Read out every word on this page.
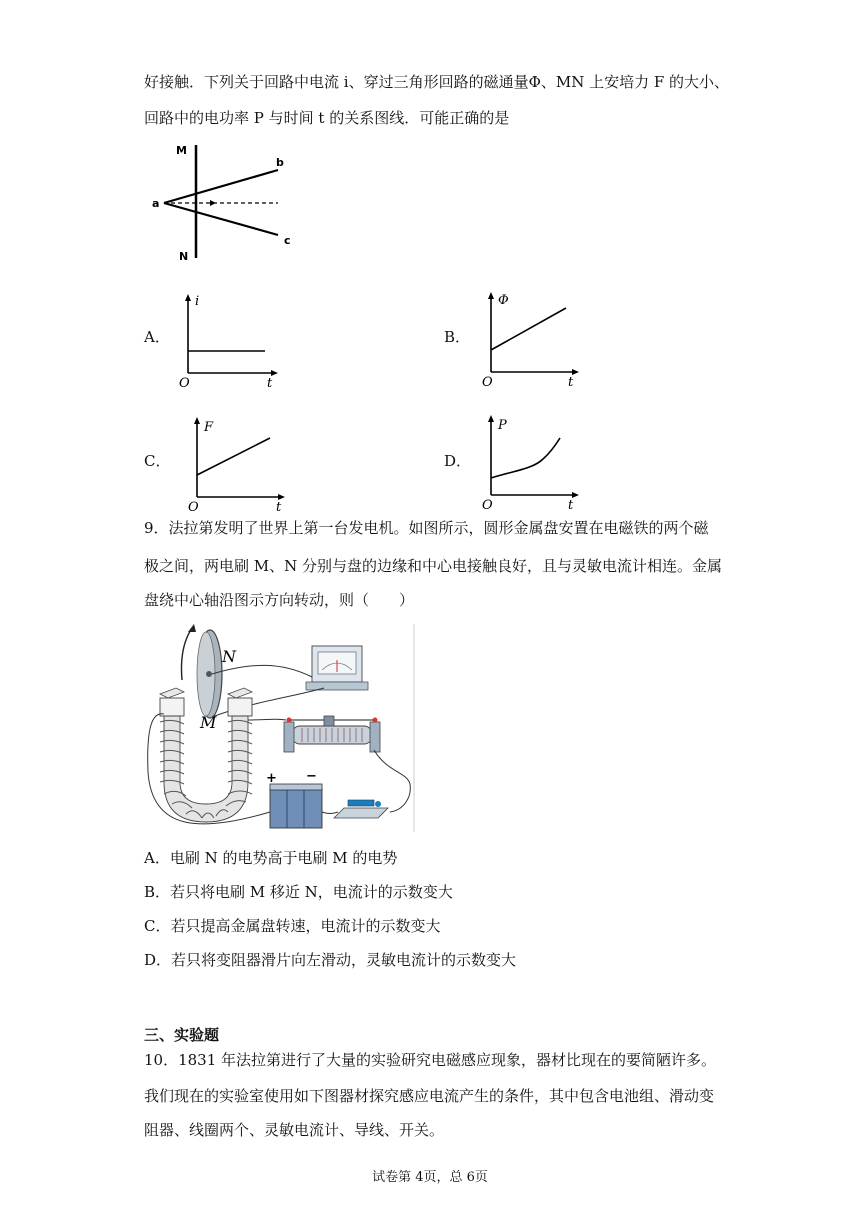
好接触．下列关于回路中电流 i、穿过三角形回路的磁通量Φ、MN 上安培力 F 的大小、
回路中的电功率 P 与时间 t 的关系图线．可能正确的是
M
N
a
b
c
A．
i
O	t
B．
Φ
O	t
C．
F
O	t
D．
P
O	t
9．法拉第发明了世界上第一台发电机。如图所示，圆形金属盘安置在电磁铁的两个磁
极之间，两电刷 M、N 分别与盘的边缘和中心电接触良好，且与灵敏电流计相连。金属
盘绕中心轴沿图示方向转动，则（　　）
N
M
+ −
A．电刷 N 的电势高于电刷 M 的电势
B．若只将电刷 M 移近 N，电流计的示数变大
C．若只提高金属盘转速，电流计的示数变大
D．若只将变阻器滑片向左滑动，灵敏电流计的示数变大
三、实验题
10．1831 年法拉第进行了大量的实验研究电磁感应现象，器材比现在的要简陋许多。
我们现在的实验室使用如下图器材探究感应电流产生的条件，其中包含电池组、滑动变
阻器、线圈两个、灵敏电流计、导线、开关。
试卷第 4页，总 6页
